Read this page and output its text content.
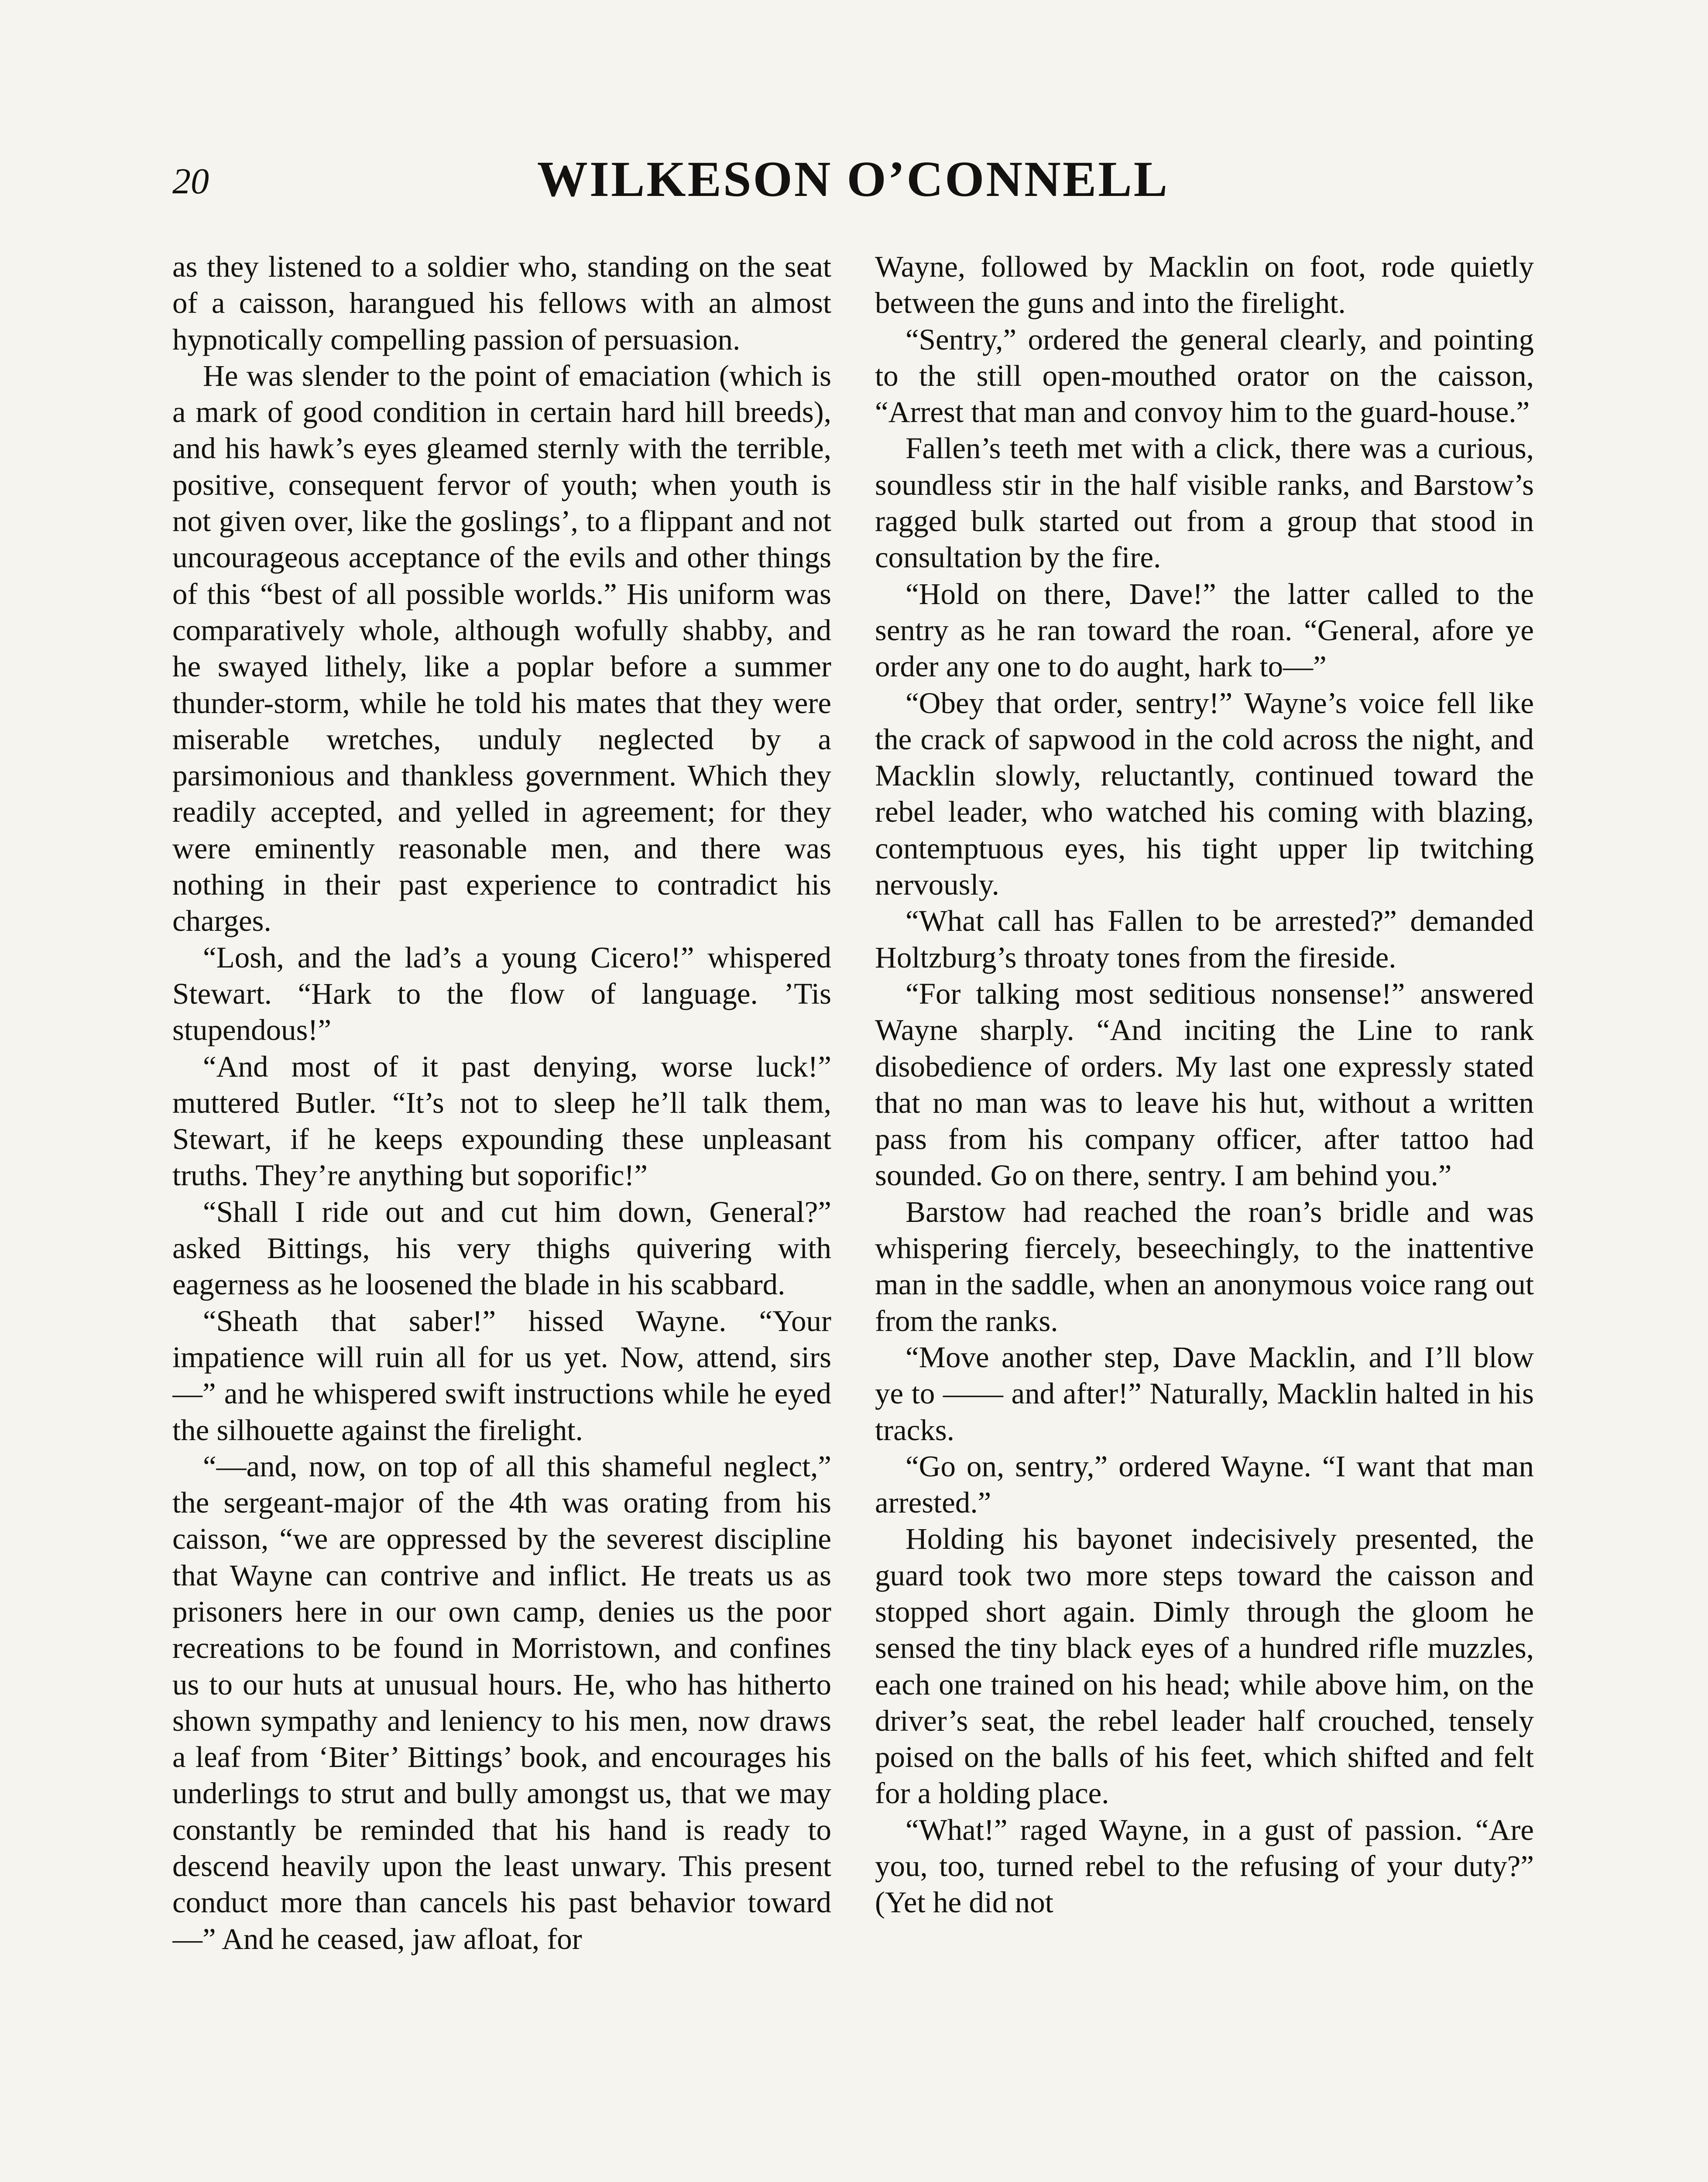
20	WILKESON O’CONNELL

as they listened to a soldier who, standing on the seat of a caisson, harangued his fellows with an almost hypnotically compelling passion of persuasion.

He was slender to the point of emaciation (which is a mark of good condition in certain hard hill breeds), and his hawk’s eyes gleamed sternly with the terrible, positive, consequent fervor of youth; when youth is not given over, like the goslings’, to a flippant and not uncourageous acceptance of the evils and other things of this “best of all possible worlds.” His uniform was comparatively whole, although wofully shabby, and he swayed lithely, like a poplar before a summer thunder-storm, while he told his mates that they were miserable wretches, unduly neglected by a parsimonious and thankless government. Which they readily accepted, and yelled in agreement; for they were eminently reasonable men, and there was nothing in their past experience to contradict his charges.

“Losh, and the lad’s a young Cicero!” whispered Stewart. “Hark to the flow of language. ’Tis stupendous!”

“And most of it past denying, worse luck!” muttered Butler. “It’s not to sleep he’ll talk them, Stewart, if he keeps expounding these unpleasant truths. They’re anything but soporific!”

“Shall I ride out and cut him down, General?” asked Bittings, his very thighs quivering with eagerness as he loosened the blade in his scabbard.

“Sheath that saber!” hissed Wayne. “Your impatience will ruin all for us yet. Now, attend, sirs—” and he whispered swift instructions while he eyed the silhouette against the firelight.

“—and, now, on top of all this shameful neglect,” the sergeant-major of the 4th was orating from his caisson, “we are oppressed by the severest discipline that Wayne can contrive and inflict. He treats us as prisoners here in our own camp, denies us the poor recreations to be found in Morristown, and confines us to our huts at unusual hours. He, who has hitherto shown sympathy and leniency to his men, now draws a leaf from ‘Biter’ Bittings’ book, and encourages his underlings to strut and bully amongst us, that we may constantly be reminded that his hand is ready to descend heavily upon the least unwary. This present conduct more than cancels his past behavior toward—” And he ceased, jaw afloat, for

Wayne, followed by Macklin on foot, rode quietly between the guns and into the firelight.

“Sentry,” ordered the general clearly, and pointing to the still open-mouthed orator on the caisson, “Arrest that man and convoy him to the guard-house.”

Fallen’s teeth met with a click, there was a curious, soundless stir in the half visible ranks, and Barstow’s ragged bulk started out from a group that stood in consultation by the fire.

“Hold on there, Dave!” the latter called to the sentry as he ran toward the roan. “General, afore ye order any one to do aught, hark to—”

“Obey that order, sentry!” Wayne’s voice fell like the crack of sapwood in the cold across the night, and Macklin slowly, reluctantly, continued toward the rebel leader, who watched his coming with blazing, contemptuous eyes, his tight upper lip twitching nervously.

“What call has Fallen to be arrested?” demanded Holtzburg’s throaty tones from the fireside.

“For talking most seditious nonsense!” answered Wayne sharply. “And inciting the Line to rank disobedience of orders. My last one expressly stated that no man was to leave his hut, without a written pass from his company officer, after tattoo had sounded. Go on there, sentry. I am behind you.”

Barstow had reached the roan’s bridle and was whispering fiercely, beseechingly, to the inattentive man in the saddle, when an anonymous voice rang out from the ranks.

“Move another step, Dave Macklin, and I’ll blow ye to —— and after!” Naturally, Macklin halted in his tracks.

“Go on, sentry,” ordered Wayne. “I want that man arrested.”

Holding his bayonet indecisively presented, the guard took two more steps toward the caisson and stopped short again. Dimly through the gloom he sensed the tiny black eyes of a hundred rifle muzzles, each one trained on his head; while above him, on the driver’s seat, the rebel leader half crouched, tensely poised on the balls of his feet, which shifted and felt for a holding place.

“What!” raged Wayne, in a gust of passion. “Are you, too, turned rebel to the refusing of your duty?” (Yet he did not
